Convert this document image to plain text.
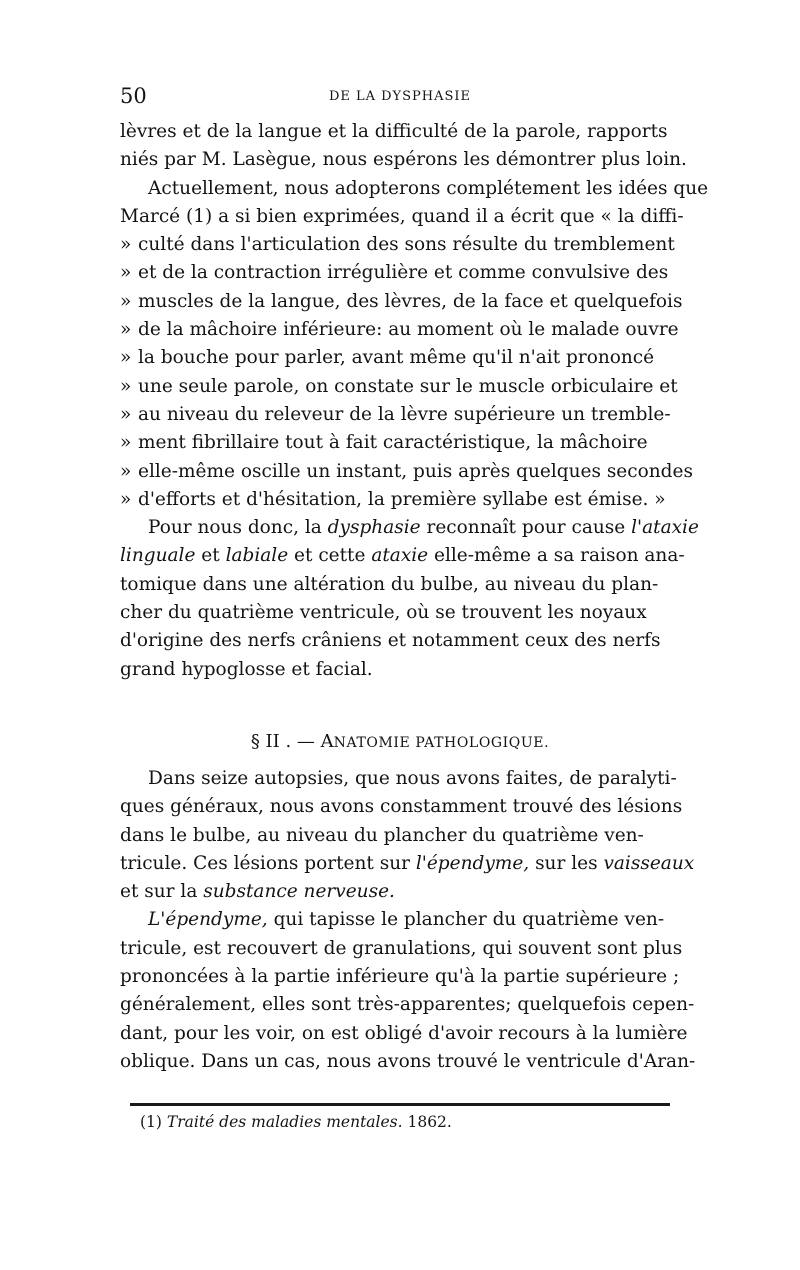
50	DE LA DYSPHASIE
lèvres et de la langue et la difficulté de la parole, rapports
niés par M. Lasègue, nous espérons les démontrer plus loin.
Actuellement, nous adopterons complétement les idées que
Marcé (1) a si bien exprimées, quand il a écrit que « la diffi-
» culté dans l'articulation des sons résulte du tremblement
» et de la contraction irrégulière et comme convulsive des
» muscles de la langue, des lèvres, de la face et quelquefois
» de la mâchoire inférieure: au moment où le malade ouvre
» la bouche pour parler, avant même qu'il n'ait prononcé
» une seule parole, on constate sur le muscle orbiculaire et
» au niveau du releveur de la lèvre supérieure un tremble-
» ment fibrillaire tout à fait caractéristique, la mâchoire
» elle-même oscille un instant, puis après quelques secondes
» d'efforts et d'hésitation, la première syllabe est émise. »
Pour nous donc, la dysphasie reconnaît pour cause l'ataxie
linguale et labiale et cette ataxie elle-même a sa raison ana-
tomique dans une altération du bulbe, au niveau du plan-
cher du quatrième ventricule, où se trouvent les noyaux
d'origine des nerfs crâniens et notamment ceux des nerfs
grand hypoglosse et facial.
§ II . — ANATOMIE PATHOLOGIQUE.
Dans seize autopsies, que nous avons faites, de paralyti-
ques généraux, nous avons constamment trouvé des lésions
dans le bulbe, au niveau du plancher du quatrième ven-
tricule. Ces lésions portent sur l'épendyme, sur les vaisseaux
et sur la substance nerveuse.
L'épendyme, qui tapisse le plancher du quatrième ven-
tricule, est recouvert de granulations, qui souvent sont plus
prononcées à la partie inférieure qu'à la partie supérieure ;
généralement, elles sont très-apparentes; quelquefois cepen-
dant, pour les voir, on est obligé d'avoir recours à la lumière
oblique. Dans un cas, nous avons trouvé le ventricule d'Aran-
(1) Traité des maladies mentales. 1862.
